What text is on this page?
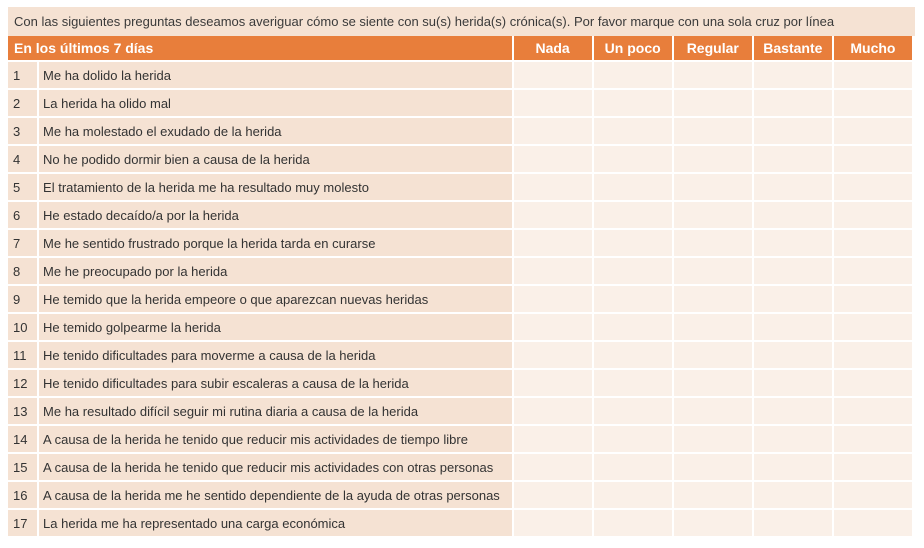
Con las siguientes preguntas deseamos averiguar cómo se siente con su(s) herida(s) crónica(s). Por favor marque con una sola cruz por línea
En los últimos 7 días		Nada	Un poco	Regular	Bastante	Mucho
1	Me ha dolido la herida					
2	La herida ha olido mal					
3	Me ha molestado el exudado de la herida					
4	No he podido dormir bien a causa de la herida					
5	El tratamiento de la herida me ha resultado muy molesto					
6	He estado decaído/a por la herida					
7	Me he sentido frustrado porque la herida tarda en curarse					
8	Me he preocupado por la herida					
9	He temido que la herida empeore o que aparezcan nuevas heridas					
10	He temido golpearme la herida					
11	He tenido dificultades para moverme a causa de la herida					
12	He tenido dificultades para subir escaleras a causa de la herida					
13	Me ha resultado difícil seguir mi rutina diaria a causa de la herida					
14	A causa de la herida he tenido que reducir mis actividades de tiempo libre					
15	A causa de la herida he tenido que reducir mis actividades con otras personas					
16	A causa de la herida me he sentido dependiente de la ayuda de otras personas					
17	La herida me ha representado una carga económica					
